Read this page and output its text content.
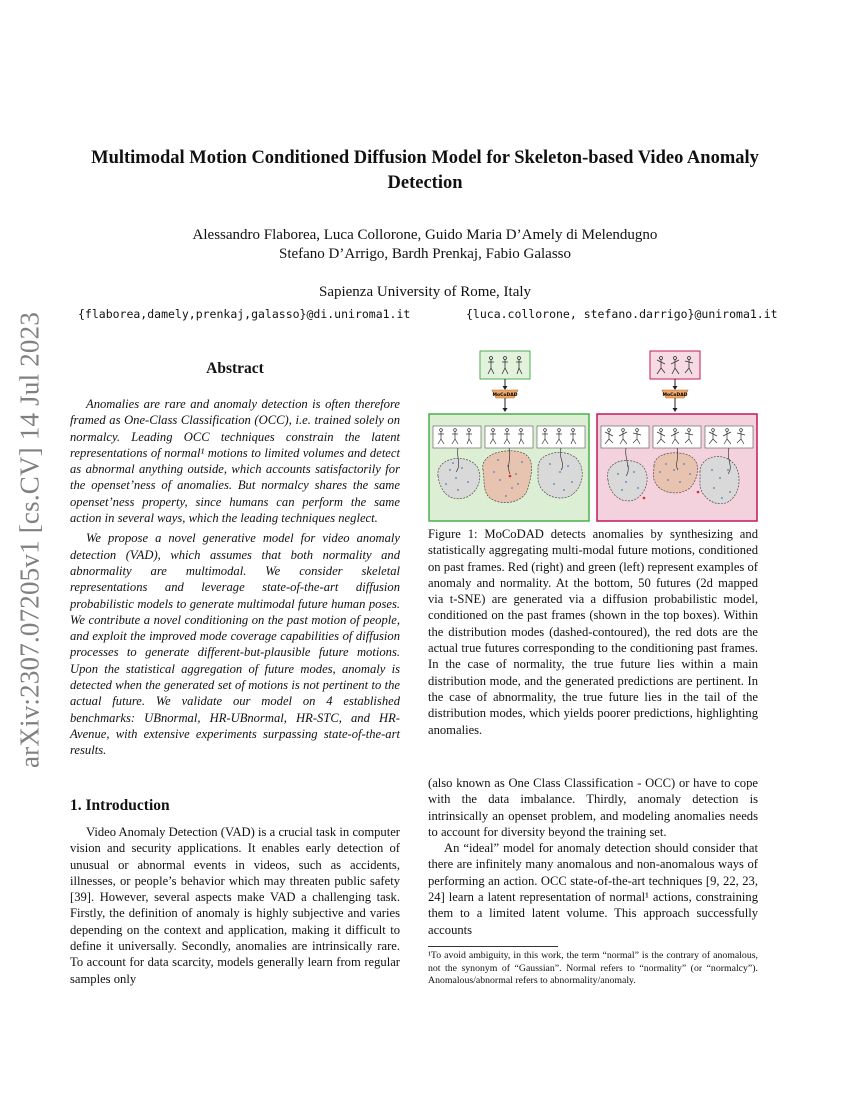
arXiv:2307.07205v1 [cs.CV] 14 Jul 2023
Multimodal Motion Conditioned Diffusion Model for Skeleton-based Video Anomaly Detection
Alessandro Flaborea, Luca Collorone, Guido Maria D’Amely di Melendugno
Stefano D’Arrigo, Bardh Prenkaj, Fabio Galasso
Sapienza University of Rome, Italy
{flaborea,damely,prenkaj,galasso}@di.uniroma1.it	{luca.collorone, stefano.darrigo}@uniroma1.it
Abstract

Anomalies are rare and anomaly detection is often therefore framed as One-Class Classification (OCC), i.e. trained solely on normalcy. Leading OCC techniques constrain the latent representations of normal¹ motions to limited volumes and detect as abnormal anything outside, which accounts satisfactorily for the openset’ness of anomalies. But normalcy shares the same openset’ness property, since humans can perform the same action in several ways, which the leading techniques neglect.

We propose a novel generative model for video anomaly detection (VAD), which assumes that both normality and abnormality are multimodal. We consider skeletal representations and leverage state-of-the-art diffusion probabilistic models to generate multimodal future human poses. We contribute a novel conditioning on the past motion of people, and exploit the improved mode coverage capabilities of diffusion processes to generate different-but-plausible future motions. Upon the statistical aggregation of future modes, anomaly is detected when the generated set of motions is not pertinent to the actual future. We validate our model on 4 established benchmarks: UBnormal, HR-UBnormal, HR-STC, and HR-Avenue, with extensive experiments surpassing state-of-the-art results.

1. Introduction

Video Anomaly Detection (VAD) is a crucial task in computer vision and security applications. It enables early detection of unusual or abnormal events in videos, such as accidents, illnesses, or people’s behavior which may threaten public safety [39]. However, several aspects make VAD a challenging task. Firstly, the definition of anomaly is highly subjective and varies depending on the context and application, making it difficult to define it universally. Secondly, anomalies are intrinsically rare. To account for data scarcity, models generally learn from regular samples only

MoCoDAD	MoCoDAD
Figure 1: MoCoDAD detects anomalies by synthesizing and statistically aggregating multi-modal future motions, conditioned on past frames. Red (right) and green (left) represent examples of anomaly and normality. At the bottom, 50 futures (2d mapped via t-SNE) are generated via a diffusion probabilistic model, conditioned on the past frames (shown in the top boxes). Within the distribution modes (dashed-contoured), the red dots are the actual true futures corresponding to the conditioning past frames. In the case of normality, the true future lies within a main distribution mode, and the generated predictions are pertinent. In the case of abnormality, the true future lies in the tail of the distribution modes, which yields poorer predictions, highlighting anomalies.

(also known as One Class Classification - OCC) or have to cope with the data imbalance. Thirdly, anomaly detection is intrinsically an openset problem, and modeling anomalies needs to account for diversity beyond the training set.

An “ideal” model for anomaly detection should consider that there are infinitely many anomalous and non-anomalous ways of performing an action. OCC state-of-the-art techniques [9, 22, 23, 24] learn a latent representation of normal¹ actions, constraining them to a limited latent volume. This approach successfully accounts

¹To avoid ambiguity, in this work, the term “normal” is the contrary of anomalous, not the synonym of “Gaussian”. Normal refers to “normality” (or “normalcy”). Anomalous/abnormal refers to abnormality/anomaly.
